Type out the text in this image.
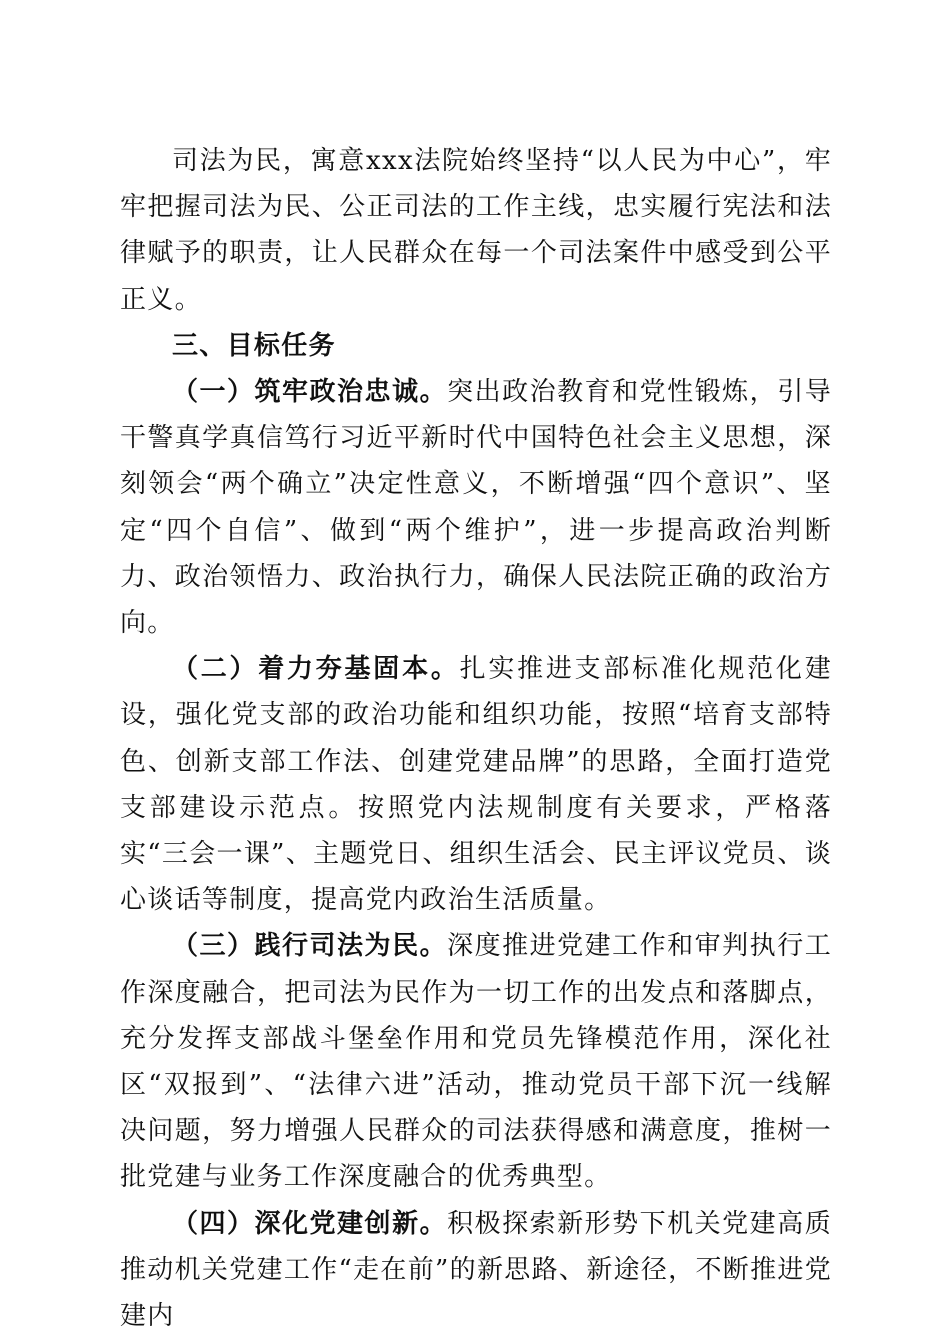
司法为民，寓意xxx法院始终坚持“以人民为中心”，牢牢把握司法为民、公正司法的工作主线，忠实履行宪法和法律赋予的职责，让人民群众在每一个司法案件中感受到公平正义。

三、目标任务

（一）筑牢政治忠诚。突出政治教育和党性锻炼，引导干警真学真信笃行习近平新时代中国特色社会主义思想，深刻领会“两个确立”决定性意义，不断增强“四个意识”、坚定“四个自信”、做到“两个维护”，进一步提高政治判断力、政治领悟力、政治执行力，确保人民法院正确的政治方向。

（二）着力夯基固本。扎实推进支部标准化规范化建设，强化党支部的政治功能和组织功能，按照“培育支部特色、创新支部工作法、创建党建品牌”的思路，全面打造党支部建设示范点。按照党内法规制度有关要求，严格落实“三会一课”、主题党日、组织生活会、民主评议党员、谈心谈话等制度，提高党内政治生活质量。

（三）践行司法为民。深度推进党建工作和审判执行工作深度融合，把司法为民作为一切工作的出发点和落脚点，充分发挥支部战斗堡垒作用和党员先锋模范作用，深化社区“双报到”、“法律六进”活动，推动党员干部下沉一线解决问题，努力增强人民群众的司法获得感和满意度，推树一批党建与业务工作深度融合的优秀典型。

（四）深化党建创新。积极探索新形势下机关党建高质推动机关党建工作“走在前”的新思路、新途径，不断推进党建内
